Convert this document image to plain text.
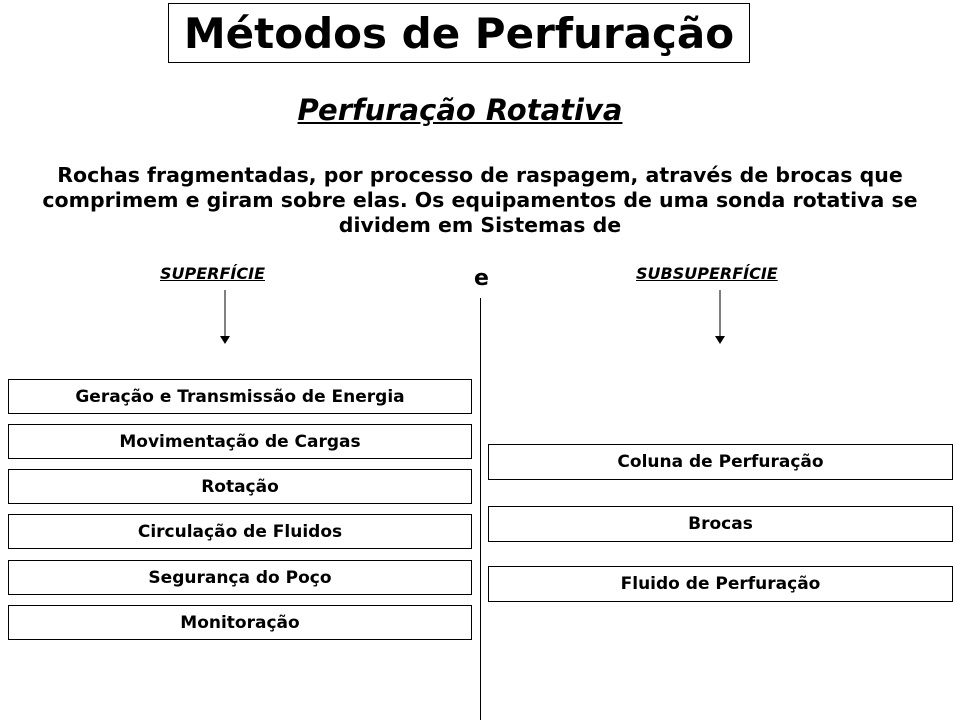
Métodos de Perfuração
Perfuração Rotativa
Rochas fragmentadas, por processo de raspagem, através de brocas que comprimem e giram sobre elas. Os equipamentos de uma sonda rotativa se dividem em Sistemas de
SUPERFÍCIE	e	SUBSUPERFÍCIE
Geração e Transmissão de Energia
Movimentação de Cargas
Rotação
Circulação de Fluidos
Segurança do Poço
Monitoração
Coluna de Perfuração
Brocas
Fluido de Perfuração
